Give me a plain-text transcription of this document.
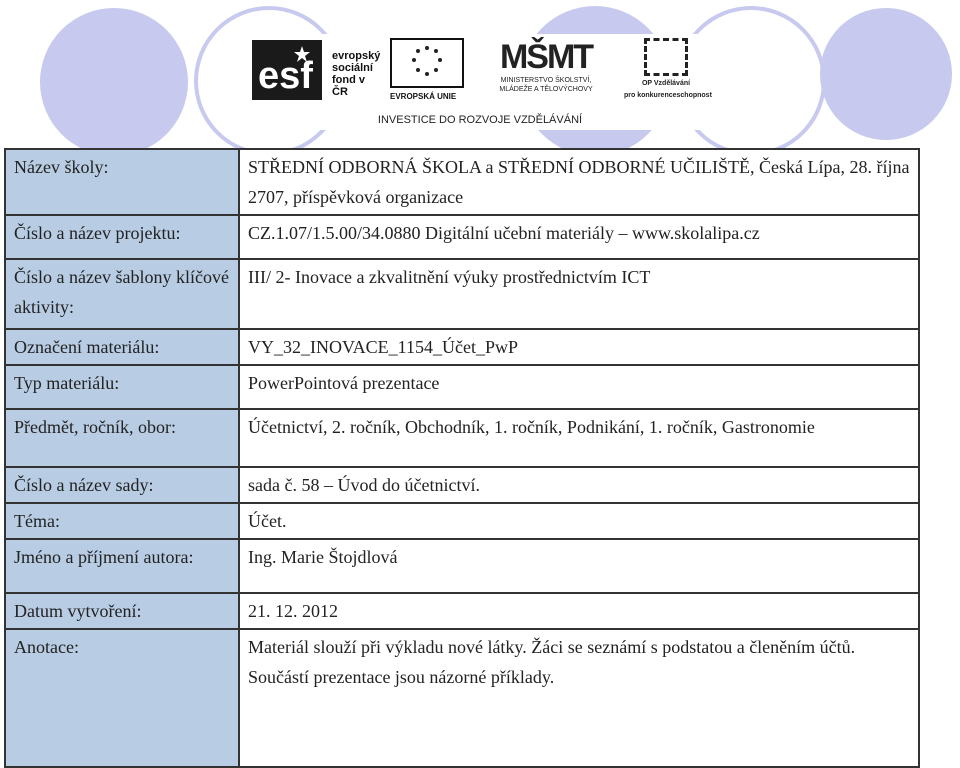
esf evropský
sociální
fond v ČR	EVROPSKÁ UNIE
MŠMT
MINISTERSTVO ŠKOLSTVÍ,
MLÁDEŽE A TĚLOVÝCHOVY
OP Vzdělávání
pro konkurenceschopnost
INVESTICE DO ROZVOJE VZDĚLÁVÁNÍ
Název školy:	STŘEDNÍ ODBORNÁ ŠKOLA a STŘEDNÍ ODBORNÉ UČILIŠTĚ, Česká Lípa, 28. října 2707, příspěvková organizace
Číslo a název projektu:	CZ.1.07/1.5.00/34.0880 Digitální učební materiály – www.skolalipa.cz
Číslo a název šablony klíčové aktivity:	III/ 2- Inovace a zkvalitnění výuky prostřednictvím ICT
Označení materiálu:	VY_32_INOVACE_1154_Účet_PwP
Typ materiálu:	PowerPointová prezentace
Předmět, ročník, obor:	Účetnictví, 2. ročník, Obchodník, 1. ročník, Podnikání, 1. ročník, Gastronomie
Číslo a název sady:	sada č. 58 – Úvod do účetnictví.
Téma:	Účet.
Jméno a příjmení autora:	Ing. Marie Štojdlová
Datum vytvoření:	21. 12. 2012
Anotace:	Materiál slouží při výkladu nové látky. Žáci se seznámí s podstatou a členěním účtů. Součástí prezentace jsou názorné příklady.
